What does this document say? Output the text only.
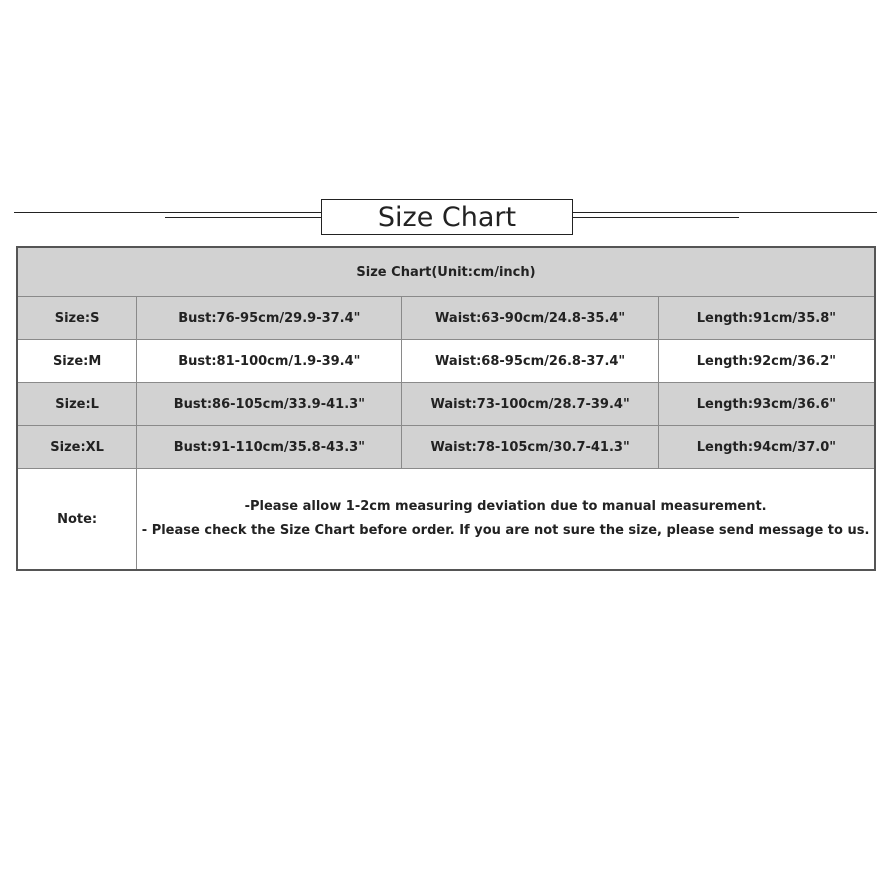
Size Chart
Size Chart(Unit:cm/inch)			
Size:S	Bust:76-95cm/29.9-37.4"	Waist:63-90cm/24.8-35.4"	Length:91cm/35.8"
Size:M	Bust:81-100cm/1.9-39.4"	Waist:68-95cm/26.8-37.4"	Length:92cm/36.2"
Size:L	Bust:86-105cm/33.9-41.3"	Waist:73-100cm/28.7-39.4"	Length:93cm/36.6"
Size:XL	Bust:91-110cm/35.8-43.3"	Waist:78-105cm/30.7-41.3"	Length:94cm/37.0"
Note:	-Please allow 1-2cm measuring deviation due to manual measurement.
- Please check the Size Chart before order. If you are not sure the size, please send message to us.		
